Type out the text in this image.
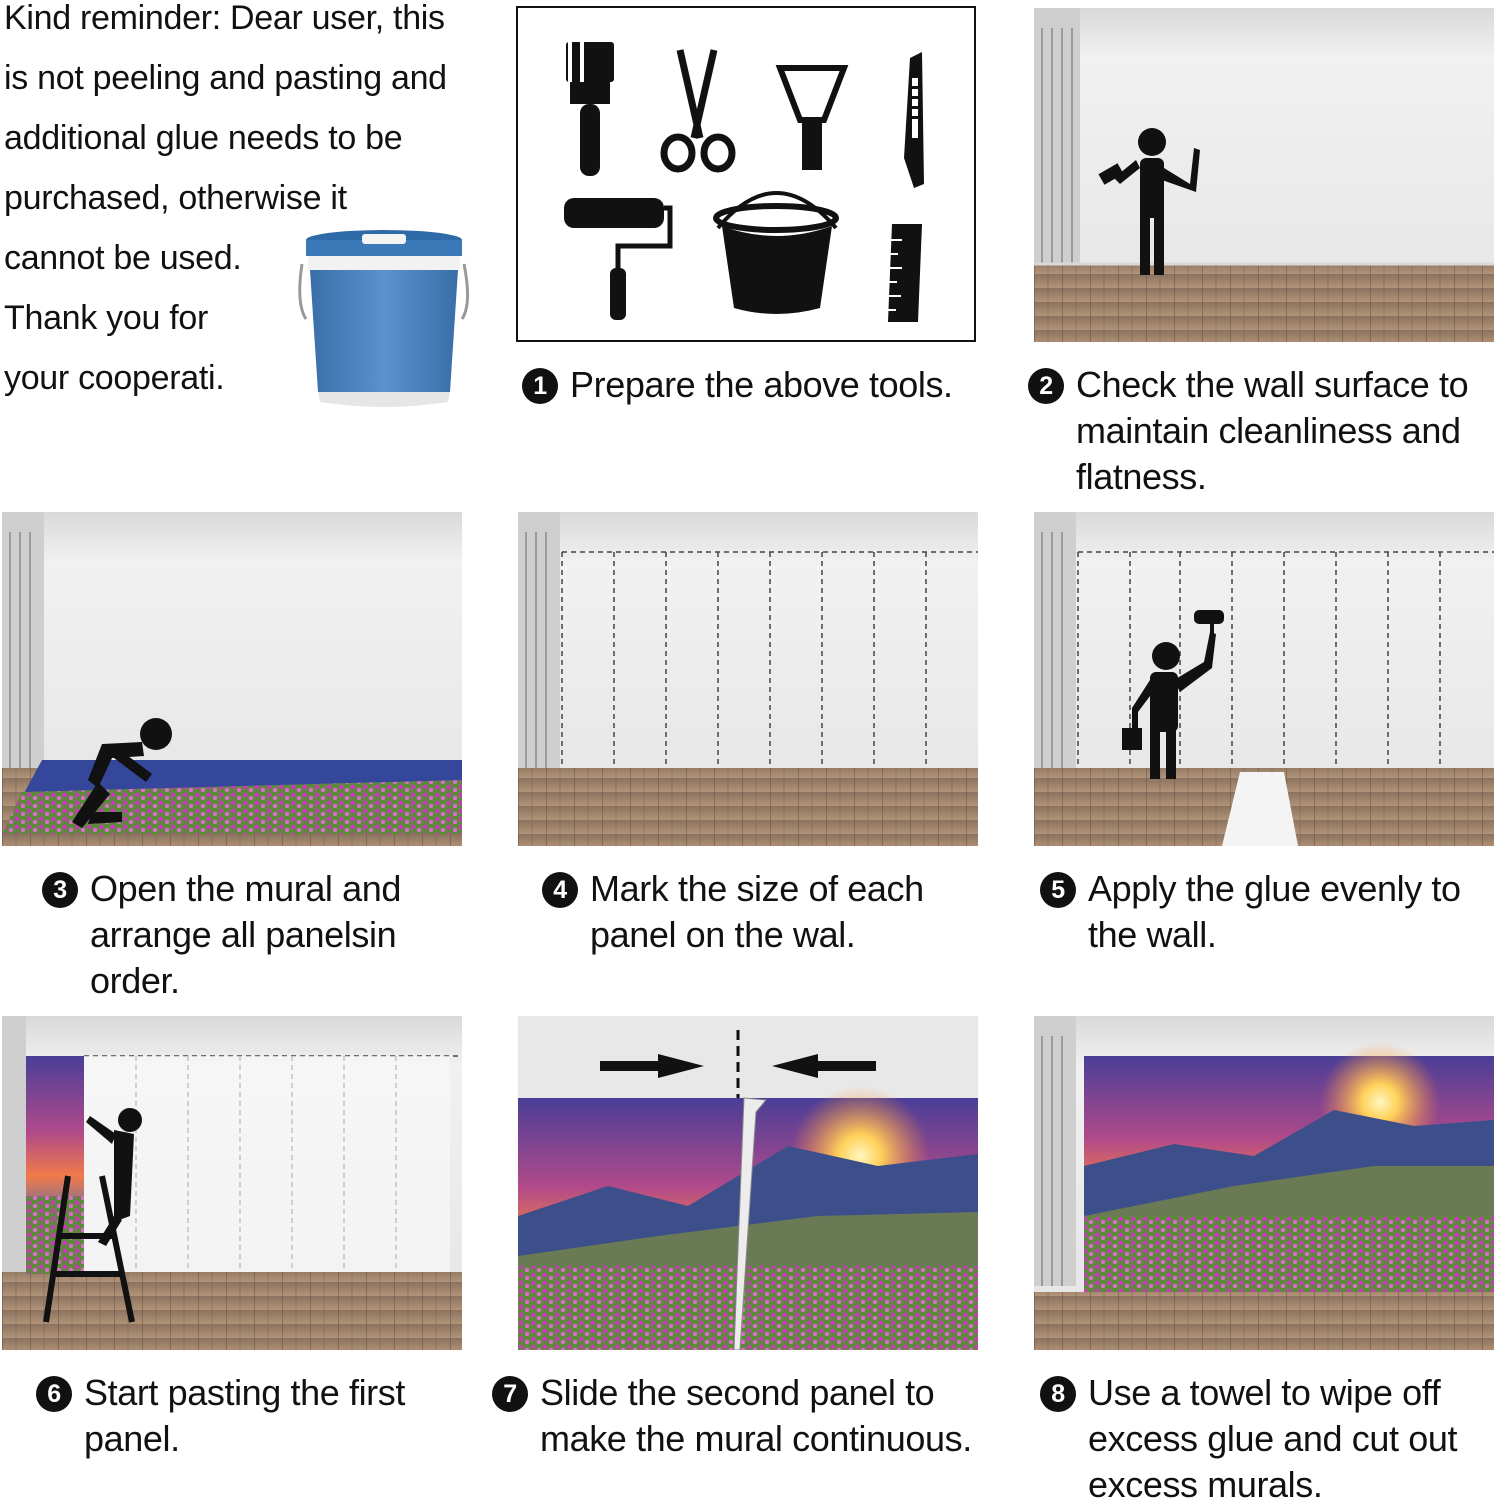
Kind reminder: Dear user, this
is not peeling and pasting and
additional glue needs to be
purchased, otherwise it
cannot be used.
Thank you for
your cooperati.	1 Prepare the above tools.	2 Check the wall surface to
maintain cleanliness and
flatness.
3 Open the mural and
arrange all panelsin
order.
4 Mark the size of each
panel on the wal.
5 Apply the glue evenly to
the wall.
6 Start pasting the first
panel.
7 Slide the second panel to
make the mural continuous.
8 Use a towel to wipe off
excess glue and cut out
excess murals.
